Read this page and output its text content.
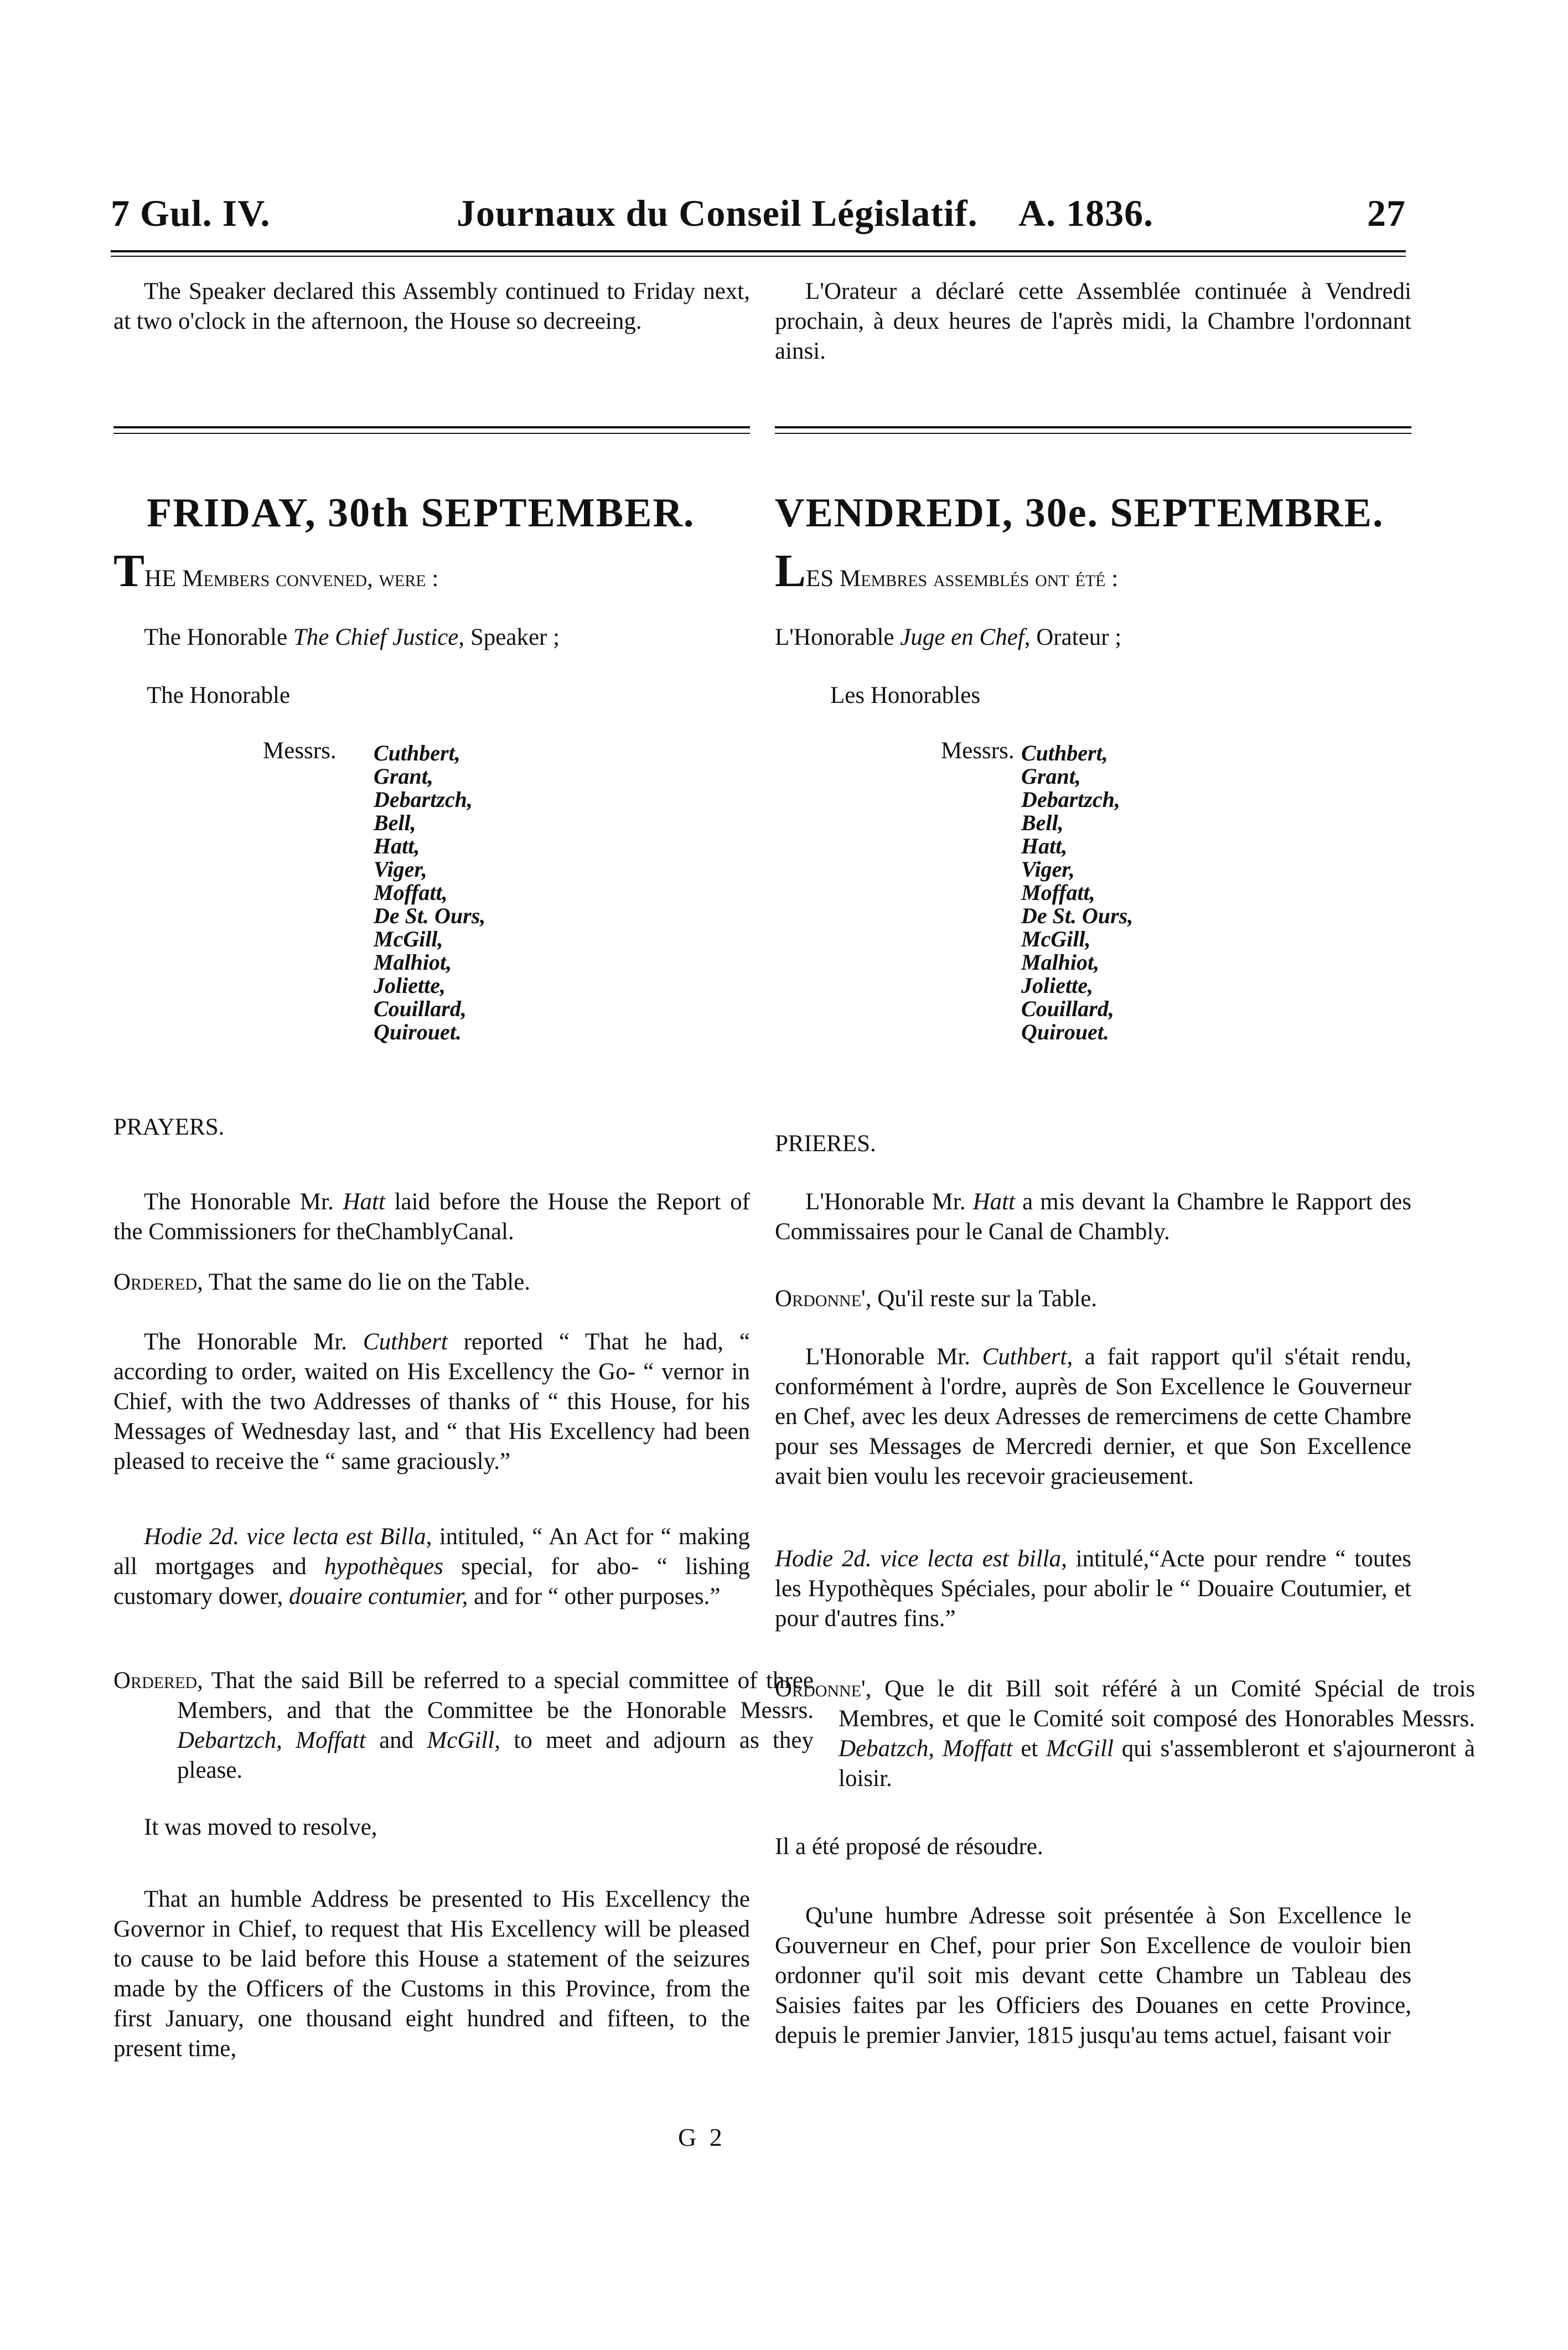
7 Gul. IV.	Journaux du Conseil Législatif. A. 1836.	27

The Speaker declared this Assembly continued to Friday next, at two o'clock in the afternoon, the House so decreeing.

FRIDAY, 30th SEPTEMBER.

THE Members convened, were :

The Honorable The Chief Justice, Speaker ;

The Honorable
Messrs. Cuthbert,
Grant,
Debartzch,
Bell,
Hatt,
Viger,
Moffatt,
De St. Ours,
McGill,
Malhiot,
Joliette,
Couillard,
Quirouet.
PRAYERS.

The Honorable Mr. Hatt laid before the House the Report of the Commissioners for theChamblyCanal.

Ordered, That the same do lie on the Table.

The Honorable Mr. Cuthbert reported “ That he had, “ according to order, waited on His Excellency the Go- “ vernor in Chief, with the two Addresses of thanks of “ this House, for his Messages of Wednesday last, and “ that His Excellency had been pleased to receive the “ same graciously.”

Hodie 2d. vice lecta est Billa, intituled, “ An Act for “ making all mortgages and hypothèques special, for abo- “ lishing customary dower, douaire contumier, and for “ other purposes.”

Ordered, That the said Bill be referred to a special committee of three Members, and that the Committee be the Honorable Messrs. Debartzch, Moffatt and McGill, to meet and adjourn as they please.

It was moved to resolve,

That an humble Address be presented to His Excellency the Governor in Chief, to request that His Excellency will be pleased to cause to be laid before this House a statement of the seizures made by the Officers of the Customs in this Province, from the first January, one thousand eight hundred and fifteen, to the present time,

L'Orateur a déclaré cette Assemblée continuée à Vendredi prochain, à deux heures de l'après midi, la Chambre l'ordonnant ainsi.

VENDREDI, 30e. SEPTEMBRE.

LES Membres assemblés ont été :

L'Honorable Juge en Chef, Orateur ;

Les Honorables
Messrs. Cuthbert,
Grant,
Debartzch,
Bell,
Hatt,
Viger,
Moffatt,
De St. Ours,
McGill,
Malhiot,
Joliette,
Couillard,
Quirouet.
PRIERES.

L'Honorable Mr. Hatt a mis devant la Chambre le Rapport des Commissaires pour le Canal de Chambly.

Ordonne', Qu'il reste sur la Table.

L'Honorable Mr. Cuthbert, a fait rapport qu'il s'était rendu, conformément à l'ordre, auprès de Son Excellence le Gouverneur en Chef, avec les deux Adresses de remercimens de cette Chambre pour ses Messages de Mercredi dernier, et que Son Excellence avait bien voulu les recevoir gracieusement.

Hodie 2d. vice lecta est billa, intitulé,“Acte pour rendre “ toutes les Hypothèques Spéciales, pour abolir le “ Douaire Coutumier, et pour d'autres fins.”

Ordonne', Que le dit Bill soit référé à un Comité Spécial de trois Membres, et que le Comité soit composé des Honorables Messrs. Debatzch, Moffatt et McGill qui s'assembleront et s'ajourneront à loisir.

Il a été proposé de résoudre.

Qu'une humbre Adresse soit présentée à Son Excellence le Gouverneur en Chef, pour prier Son Excellence de vouloir bien ordonner qu'il soit mis devant cette Chambre un Tableau des Saisies faites par les Officiers des Douanes en cette Province, depuis le premier Janvier, 1815 jusqu'au tems actuel, faisant voir

G 2
